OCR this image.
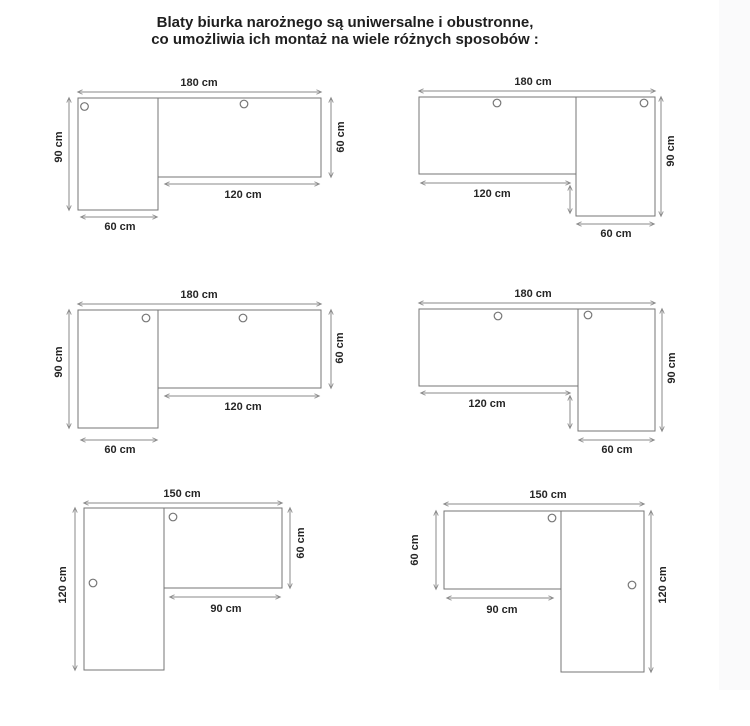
Blaty biurka narożnego są uniwersalne i obustronne,
co umożliwia ich montaż na wiele różnych sposobów :
180 cm
90 cm	60 cm
120 cm
60 cm
180 cm
90 cm
120 cm
60 cm
180 cm
90 cm	60 cm
120 cm
60 cm
180 cm
90 cm
120 cm
60 cm
150 cm
120 cm
60 cm
90 cm
150 cm
60 cm
120 cm
90 cm
